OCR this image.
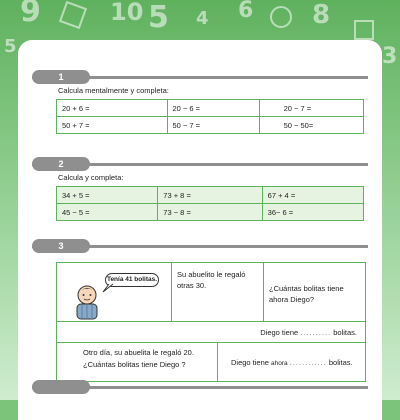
9	10 5	8
4 6
3
5
1
Calcula mentalmente y completa:
20 + 6 =	20 − 6 =	20 − 7 =
50 + 7 =	50 − 7 =	50 − 50=
2
Calcula y completa:
34 + 5 =	73 + 8 =	67 + 4 =
45 − 5 =	73 − 8 =	36− 6 =
3
Tenía 41 bolitas.
Su abuelito le regaló otras 30.	¿Cuántas bolitas tiene ahora Diego?
Diego tiene .......... bolitas.
Otro día, su abuelita le regaló 20. ¿Cuántas bolitas tiene Diego ?	Diego tiene ahora ............ bolitas.
